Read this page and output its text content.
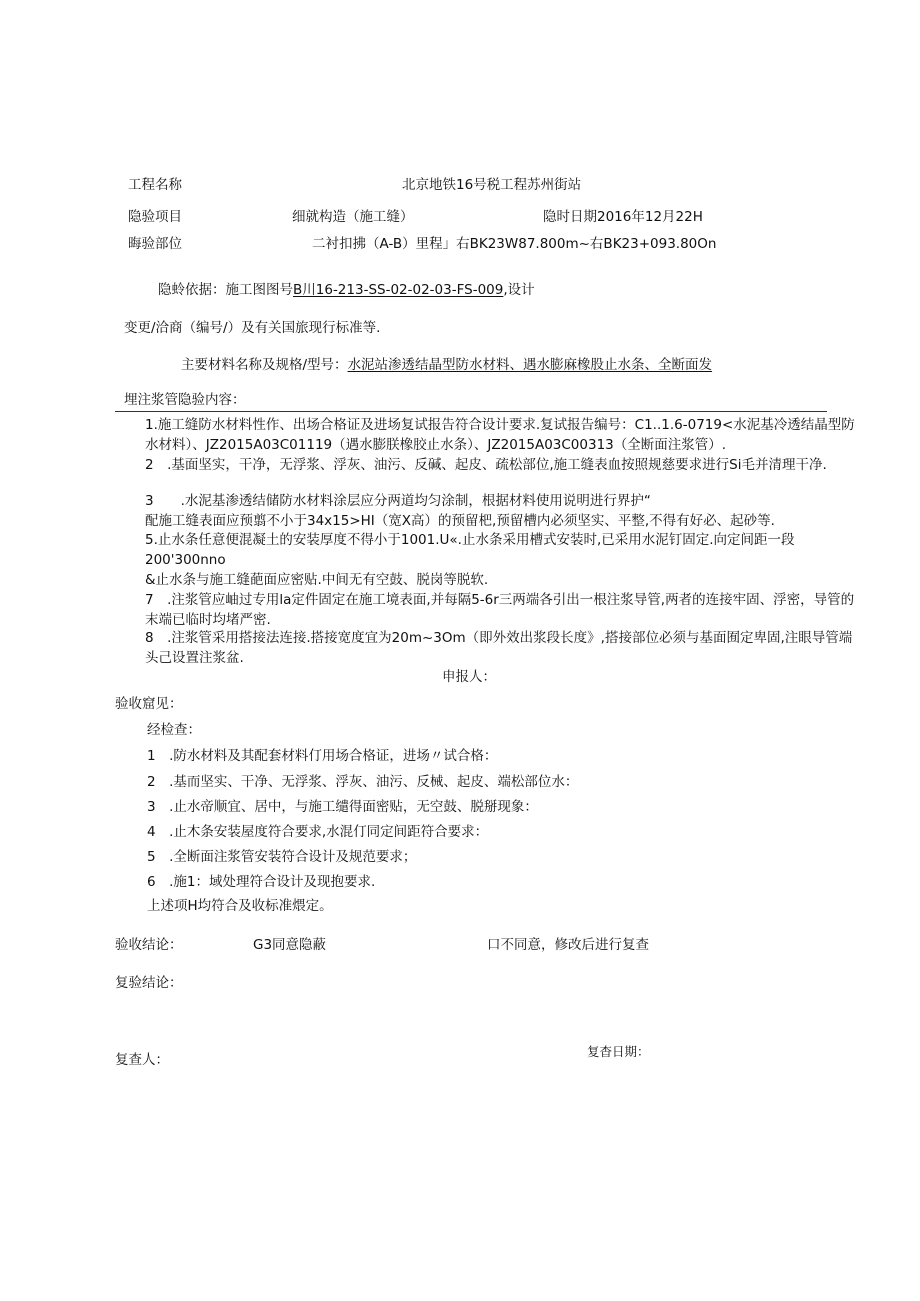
工程名称	北京地铁16号税工程苏州街站
隐验项目	细就构造（施工缝）	隐时日期2016年12月22H
晦验部位	二衬扣拂（A-B）里程」右BK23W87.800m~右BK23+093.80On
隐蛉依据：施工图图号B川16-213-SS-02-02-03-FS-009,设计
变更/洽商（编号/）及有关国旅现行标准等.
主要材料名称及规格/型号：水泥站渗透结晶型防水材料、遇水膨麻橡股止水条、全断面发
埋注浆管隐验内容：
1.施工缝防水材料性作、出场合格证及进场复试报告符合设计要求.复试报告编号：C1..1.6-0719<水泥基冷透结晶型防水材料）、JZ2015A03C01119（遇水膨朕橡胶止水条）、JZ2015A03C00313（全断面注浆管）.
2　.基面坚实，干净，无浮浆、浮灰、油污、反碱、起皮、疏松部位,施工缝表血按照规慈要求进行Si毛并清理干净.
3　　.水泥基渗透结储防水材料涂层应分两道均匀涂制，根据材料使用说明进行界护“
配施工缝表面应预翦不小于34x15>HI（宽X高）的预留杷,预留槽内必须坚实、平整,不得有好必、起砂等.
5.止水条任意便混凝土的安装厚度不得小于1001.U«.止水条采用槽式安装时,已采用水泥钉固定.向定间距一段200'300nno
&止水条与施工缝葩面应密贴.中间无有空鼓、脱岗等脱软.
7　.注浆管应岫过专用la定件固定在施工境表面,并每隔5-6r三两端各引出一根注浆导管,两者的连接牢固、浮密，导管的末端已临时均堵严密.
8　.注浆管采用搭接法连接.搭接宽度宜为20m~3Om（即外效出浆段长度》,搭接部位必须与基面囿定卑固,注眼导管端头己设置注浆盆.
申报人：
验收窟见：
经检查：
1　.防水材料及其配套材料仃用场合格证，进场〃试合格：
2　.基而坚实、干净、无浮浆、浮灰、油污、反械、起皮、端松部位水：
3　.止水帝顺宜、居中，与施工缱得面密贴，无空鼓、脱掰现象：
4　.止木条安装屋度符合要求,水混仃同定间距符合要求：
5　.全断面注浆管安装符合设计及规范要求；
6　.施1：域处理符合设计及现抱要求.
上述项H均符合及收标准煨定。
验收结论：	G3同意隐蔽	口不同意，修改后进行复查
复验结论：
复查人：
复杳日期：
